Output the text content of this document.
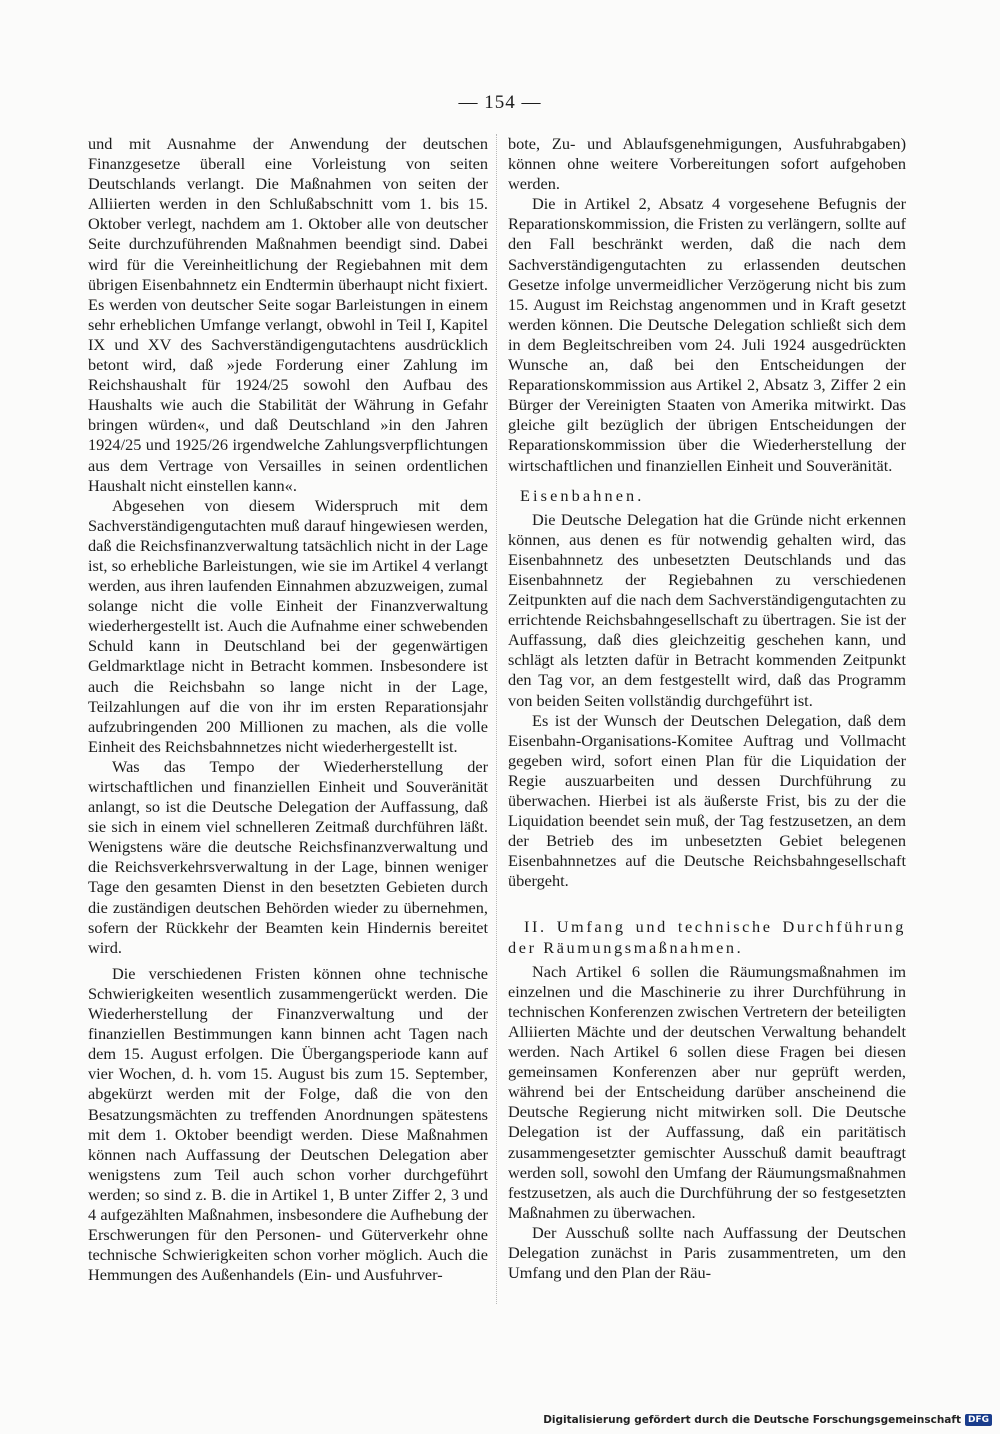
— 154 —

und mit Ausnahme der Anwendung der deutschen Finanzgesetze überall eine Vorleistung von seiten Deutschlands verlangt. Die Maßnahmen von seiten der Alliierten werden in den Schlußabschnitt vom 1. bis 15. Oktober verlegt, nachdem am 1. Oktober alle von deutscher Seite durchzuführenden Maßnahmen beendigt sind. Dabei wird für die Vereinheitlichung der Regiebahnen mit dem übrigen Eisenbahnnetz ein Endtermin überhaupt nicht fixiert. Es werden von deutscher Seite sogar Barleistungen in einem sehr erheblichen Umfange verlangt, obwohl in Teil I, Kapitel IX und XV des Sachverständigengutachtens ausdrücklich betont wird, daß »jede Forderung einer Zahlung im Reichshaushalt für 1924/25 sowohl den Aufbau des Haushalts wie auch die Stabilität der Währung in Gefahr bringen würden«, und daß Deutschland »in den Jahren 1924/25 und 1925/26 irgendwelche Zahlungsverpflichtungen aus dem Vertrage von Versailles in seinen ordentlichen Haushalt nicht einstellen kann«.

Abgesehen von diesem Widerspruch mit dem Sachverständigengutachten muß darauf hingewiesen werden, daß die Reichsfinanzverwaltung tatsächlich nicht in der Lage ist, so erhebliche Barleistungen, wie sie im Artikel 4 verlangt werden, aus ihren laufenden Einnahmen abzuzweigen, zumal solange nicht die volle Einheit der Finanzverwaltung wiederhergestellt ist. Auch die Aufnahme einer schwebenden Schuld kann in Deutschland bei der gegenwärtigen Geldmarktlage nicht in Betracht kommen. Insbesondere ist auch die Reichsbahn so lange nicht in der Lage, Teilzahlungen auf die von ihr im ersten Reparationsjahr aufzubringenden 200 Millionen zu machen, als die volle Einheit des Reichsbahnnetzes nicht wiederhergestellt ist.

Was das Tempo der Wiederherstellung der wirtschaftlichen und finanziellen Einheit und Souveränität anlangt, so ist die Deutsche Delegation der Auffassung, daß sie sich in einem viel schnelleren Zeitmaß durchführen läßt. Wenigstens wäre die deutsche Reichsfinanzverwaltung und die Reichsverkehrsverwaltung in der Lage, binnen weniger Tage den gesamten Dienst in den besetzten Gebieten durch die zuständigen deutschen Behörden wieder zu übernehmen, sofern der Rückkehr der Beamten kein Hindernis bereitet wird.

Die verschiedenen Fristen können ohne technische Schwierigkeiten wesentlich zusammengerückt werden. Die Wiederherstellung der Finanzverwaltung und der finanziellen Bestimmungen kann binnen acht Tagen nach dem 15. August erfolgen. Die Übergangsperiode kann auf vier Wochen, d. h. vom 15. August bis zum 15. September, abgekürzt werden mit der Folge, daß die von den Besatzungsmächten zu treffenden Anordnungen spätestens mit dem 1. Oktober beendigt werden. Diese Maßnahmen können nach Auffassung der Deutschen Delegation aber wenigstens zum Teil auch schon vorher durchgeführt werden; so sind z. B. die in Artikel 1, B unter Ziffer 2, 3 und 4 aufgezählten Maßnahmen, insbesondere die Aufhebung der Erschwerungen für den Personen- und Güterverkehr ohne technische Schwierigkeiten schon vorher möglich. Auch die Hemmungen des Außenhandels (Ein- und Ausfuhrver-

bote, Zu- und Ablaufsgenehmigungen, Ausfuhrabgaben) können ohne weitere Vorbereitungen sofort aufgehoben werden.

Die in Artikel 2, Absatz 4 vorgesehene Befugnis der Reparationskommission, die Fristen zu verlängern, sollte auf den Fall beschränkt werden, daß die nach dem Sachverständigengutachten zu erlassenden deutschen Gesetze infolge unvermeidlicher Verzögerung nicht bis zum 15. August im Reichstag angenommen und in Kraft gesetzt werden können. Die Deutsche Delegation schließt sich dem in dem Begleitschreiben vom 24. Juli 1924 ausgedrückten Wunsche an, daß bei den Entscheidungen der Reparationskommission aus Artikel 2, Absatz 3, Ziffer 2 ein Bürger der Vereinigten Staaten von Amerika mitwirkt. Das gleiche gilt bezüglich der übrigen Entscheidungen der Reparationskommission über die Wiederherstellung der wirtschaftlichen und finanziellen Einheit und Souveränität.

Eisenbahnen.

Die Deutsche Delegation hat die Gründe nicht erkennen können, aus denen es für notwendig gehalten wird, das Eisenbahnnetz des unbesetzten Deutschlands und das Eisenbahnnetz der Regiebahnen zu verschiedenen Zeitpunkten auf die nach dem Sachverständigengutachten zu errichtende Reichsbahngesellschaft zu übertragen. Sie ist der Auffassung, daß dies gleichzeitig geschehen kann, und schlägt als letzten dafür in Betracht kommenden Zeitpunkt den Tag vor, an dem festgestellt wird, daß das Programm von beiden Seiten vollständig durchgeführt ist.

Es ist der Wunsch der Deutschen Delegation, daß dem Eisenbahn-Organisations-Komitee Auftrag und Vollmacht gegeben wird, sofort einen Plan für die Liquidation der Regie auszuarbeiten und dessen Durchführung zu überwachen. Hierbei ist als äußerste Frist, bis zu der die Liquidation beendet sein muß, der Tag festzusetzen, an dem der Betrieb des im unbesetzten Gebiet belegenen Eisenbahnnetzes auf die Deutsche Reichsbahngesellschaft übergeht.

II. Umfang und technische Durchführung der Räumungsmaßnahmen.

Nach Artikel 6 sollen die Räumungsmaßnahmen im einzelnen und die Maschinerie zu ihrer Durchführung in technischen Konferenzen zwischen Vertretern der beteiligten Alliierten Mächte und der deutschen Verwaltung behandelt werden. Nach Artikel 6 sollen diese Fragen bei diesen gemeinsamen Konferenzen aber nur geprüft werden, während bei der Entscheidung darüber anscheinend die Deutsche Regierung nicht mitwirken soll. Die Deutsche Delegation ist der Auffassung, daß ein paritätisch zusammengesetzter gemischter Ausschuß damit beauftragt werden soll, sowohl den Umfang der Räumungsmaßnahmen festzusetzen, als auch die Durchführung der so festgesetzten Maßnahmen zu überwachen.

Der Ausschuß sollte nach Auffassung der Deutschen Delegation zunächst in Paris zusammentreten, um den Umfang und den Plan der Räu-

Digitalisierung gefördert durch die Deutsche Forschungsgemeinschaft DFG
